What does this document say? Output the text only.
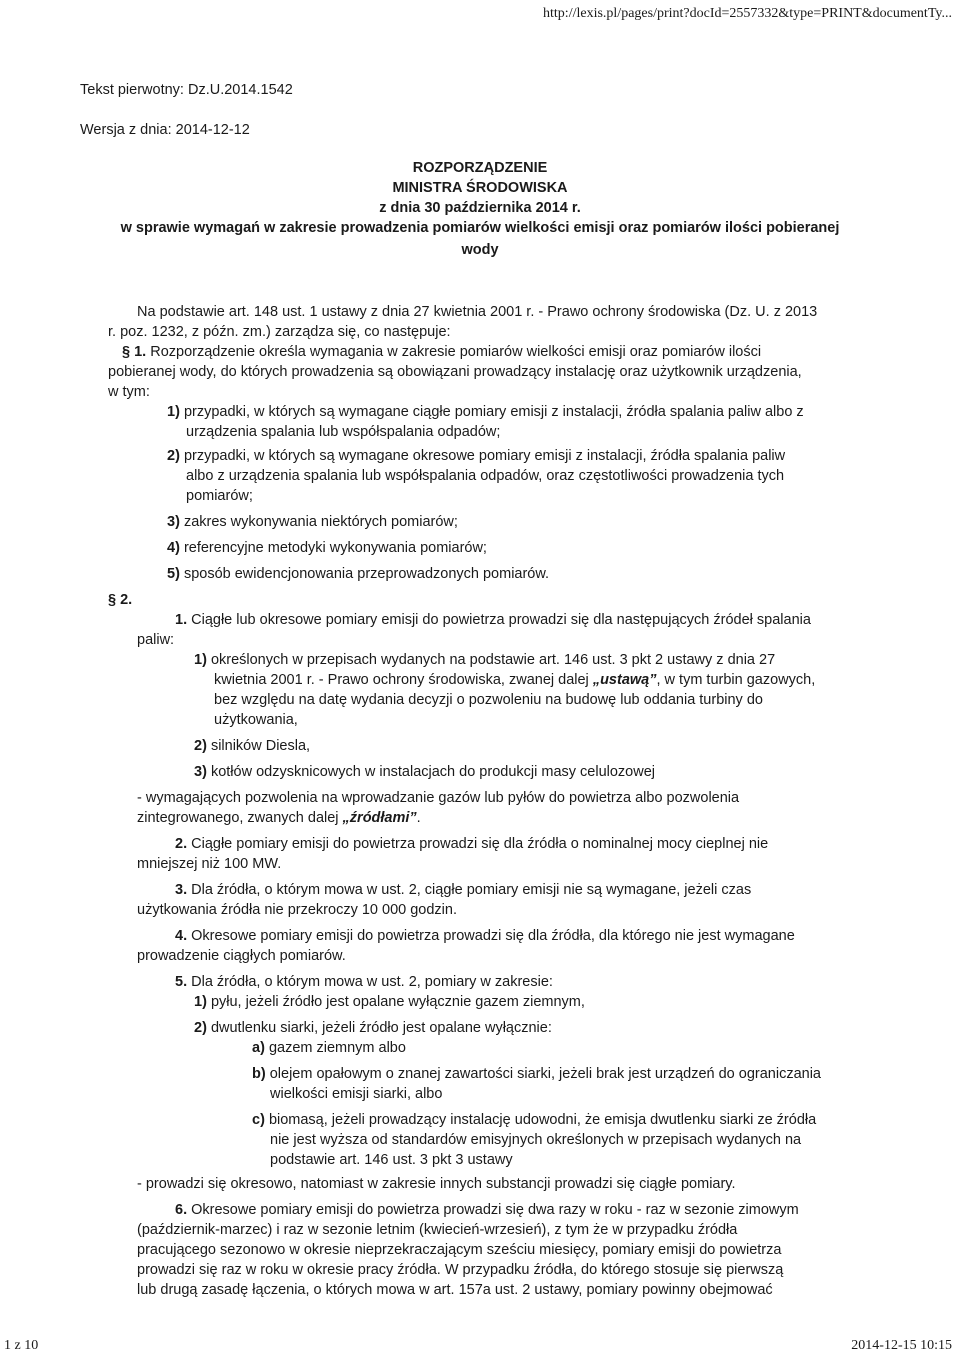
http://lexis.pl/pages/print?docId=2557332&type=PRINT&documentTy...
Tekst pierwotny: Dz.U.2014.1542
Wersja z dnia: 2014-12-12
ROZPORZĄDZENIE
MINISTRA ŚRODOWISKA
z dnia 30 października 2014 r.
w sprawie wymagań w zakresie prowadzenia pomiarów wielkości emisji oraz pomiarów ilości pobieranej
wody
Na podstawie art. 148 ust. 1 ustawy z dnia 27 kwietnia 2001 r. - Prawo ochrony środowiska (Dz. U. z 2013
r. poz. 1232, z późn. zm.) zarządza się, co następuje:
§ 1. Rozporządzenie określa wymagania w zakresie pomiarów wielkości emisji oraz pomiarów ilości
pobieranej wody, do których prowadzenia są obowiązani prowadzący instalację oraz użytkownik urządzenia,
w tym:
1) przypadki, w których są wymagane ciągłe pomiary emisji z instalacji, źródła spalania paliw albo z
urządzenia spalania lub współspalania odpadów;
2) przypadki, w których są wymagane okresowe pomiary emisji z instalacji, źródła spalania paliw
albo z urządzenia spalania lub współspalania odpadów, oraz częstotliwości prowadzenia tych
pomiarów;
3) zakres wykonywania niektórych pomiarów;
4) referencyjne metodyki wykonywania pomiarów;
5) sposób ewidencjonowania przeprowadzonych pomiarów.
§ 2.
1. Ciągłe lub okresowe pomiary emisji do powietrza prowadzi się dla następujących źródeł spalania
paliw:
1) określonych w przepisach wydanych na podstawie art. 146 ust. 3 pkt 2 ustawy z dnia 27
kwietnia 2001 r. - Prawo ochrony środowiska, zwanej dalej „ustawą”, w tym turbin gazowych,
bez względu na datę wydania decyzji o pozwoleniu na budowę lub oddania turbiny do
użytkowania,
2) silników Diesla,
3) kotłów odzysknicowych w instalacjach do produkcji masy celulozowej
- wymagających pozwolenia na wprowadzanie gazów lub pyłów do powietrza albo pozwolenia
zintegrowanego, zwanych dalej „źródłami”.
2. Ciągłe pomiary emisji do powietrza prowadzi się dla źródła o nominalnej mocy cieplnej nie
mniejszej niż 100 MW.
3. Dla źródła, o którym mowa w ust. 2, ciągłe pomiary emisji nie są wymagane, jeżeli czas
użytkowania źródła nie przekroczy 10 000 godzin.
4. Okresowe pomiary emisji do powietrza prowadzi się dla źródła, dla którego nie jest wymagane
prowadzenie ciągłych pomiarów.
5. Dla źródła, o którym mowa w ust. 2, pomiary w zakresie:
1) pyłu, jeżeli źródło jest opalane wyłącznie gazem ziemnym,
2) dwutlenku siarki, jeżeli źródło jest opalane wyłącznie:
a) gazem ziemnym albo
b) olejem opałowym o znanej zawartości siarki, jeżeli brak jest urządzeń do ograniczania
wielkości emisji siarki, albo
c) biomasą, jeżeli prowadzący instalację udowodni, że emisja dwutlenku siarki ze źródła
nie jest wyższa od standardów emisyjnych określonych w przepisach wydanych na
podstawie art. 146 ust. 3 pkt 3 ustawy
- prowadzi się okresowo, natomiast w zakresie innych substancji prowadzi się ciągłe pomiary.
6. Okresowe pomiary emisji do powietrza prowadzi się dwa razy w roku - raz w sezonie zimowym
(październik-marzec) i raz w sezonie letnim (kwiecień-wrzesień), z tym że w przypadku źródła
pracującego sezonowo w okresie nieprzekraczającym sześciu miesięcy, pomiary emisji do powietrza
prowadzi się raz w roku w okresie pracy źródła. W przypadku źródła, do którego stosuje się pierwszą
lub drugą zasadę łączenia, o których mowa w art. 157a ust. 2 ustawy, pomiary powinny obejmować
1 z 10	2014-12-15 10:15
